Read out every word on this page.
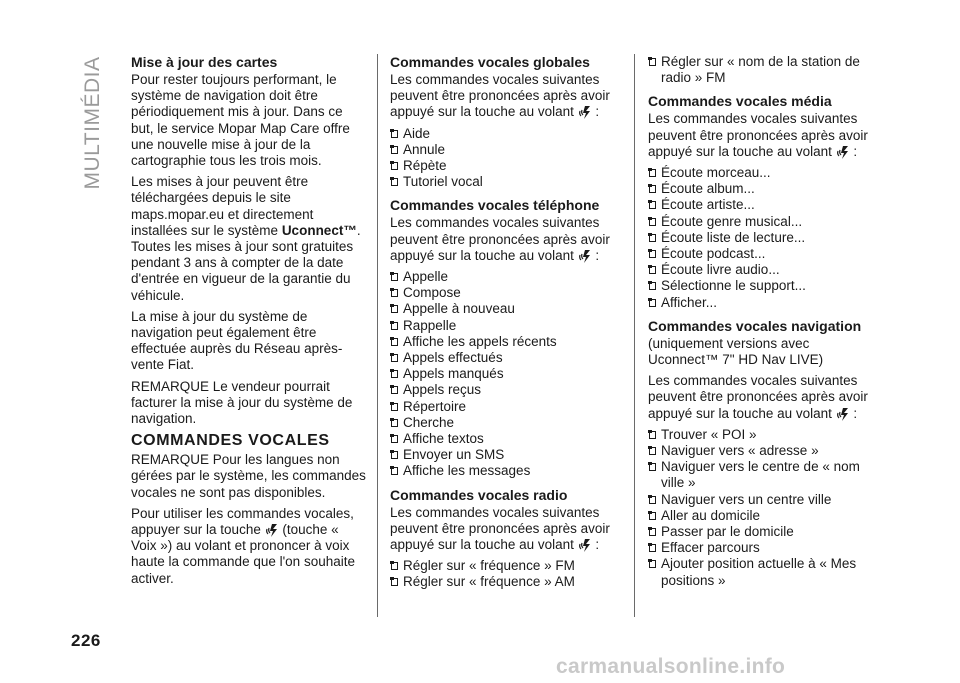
MULTIMÉDIA Mise à jour des cartes

Pour rester toujours performant, le système de navigation doit être périodiquement mis à jour. Dans ce but, le service Mopar Map Care offre une nouvelle mise à jour de la cartographie tous les trois mois.

Les mises à jour peuvent être téléchargées depuis le site maps.mopar.eu et directement installées sur le système Uconnect™. Toutes les mises à jour sont gratuites pendant 3 ans à compter de la date d'entrée en vigueur de la garantie du véhicule.

La mise à jour du système de navigation peut également être effectuée auprès du Réseau après-vente Fiat.

REMARQUE Le vendeur pourrait facturer la mise à jour du système de navigation.

COMMANDES VOCALES

REMARQUE Pour les langues non gérées par le système, les commandes vocales ne sont pas disponibles.

Pour utiliser les commandes vocales, appuyer sur la touche (touche « Voix ») au volant et prononcer à voix haute la commande que l'on souhaite activer.

Commandes vocales globales

Les commandes vocales suivantes peuvent être prononcées après avoir appuyé sur la touche au volant  :

Aide
Annule
Répète
Tutoriel vocal
Commandes vocales téléphone

Les commandes vocales suivantes peuvent être prononcées après avoir appuyé sur la touche au volant  :

Appelle
Compose
Appelle à nouveau
Rappelle
Affiche les appels récents
Appels effectués
Appels manqués
Appels reçus
Répertoire
Cherche
Affiche textos
Envoyer un SMS
Affiche les messages
Commandes vocales radio

Les commandes vocales suivantes peuvent être prononcées après avoir appuyé sur la touche au volant  :

Régler sur « fréquence » FM
Régler sur « fréquence » AM
Régler sur « nom de la station de radio » FM
Commandes vocales média

Les commandes vocales suivantes peuvent être prononcées après avoir appuyé sur la touche au volant  :

Écoute morceau...
Écoute album...
Écoute artiste...
Écoute genre musical...
Écoute liste de lecture...
Écoute podcast...
Écoute livre audio...
Sélectionne le support...
Afficher...
Commandes vocales navigation

(uniquement versions avec Uconnect™ 7" HD Nav LIVE)

Les commandes vocales suivantes peuvent être prononcées après avoir appuyé sur la touche au volant  :

Trouver « POI »
Naviguer vers « adresse »
Naviguer vers le centre de « nom ville »
Naviguer vers un centre ville
Aller au domicile
Passer par le domicile
Effacer parcours
Ajouter position actuelle à « Mes positions »
226
carmanualsonline.info
